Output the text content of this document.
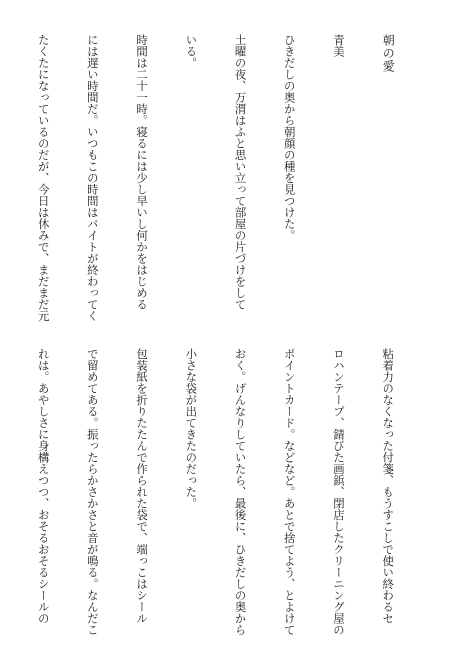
朝の愛

青美

ひきだしの奥から朝顔の種を見つけた。

土曜の夜、万渭はふと思い立って部屋の片づけをして

いる。

時間は二十一時。寝るには少し早いし何かをはじめる

には遅い時間だ。いつもこの時間はバイトが終わってく

たくたになっているのだが、今日は休みで、まだまだ元

粘着力のなくなった付箋、もうすこしで使い終わるセ

ロハンテープ、錆びた画鋲、閉店したクリーニング屋の

ポイントカード。などなど。あとで捨てよう、とよけて

おく。げんなりしていたら、最後に、ひきだしの奥から

小さな袋が出てきたのだった。

包装紙を折りたたんで作られた袋で、端っこはシール

で留めてある。振ったらかさかさと音が鳴る。なんだこ

れは。あやしさに身構えつつ、おそるおそるシールの
